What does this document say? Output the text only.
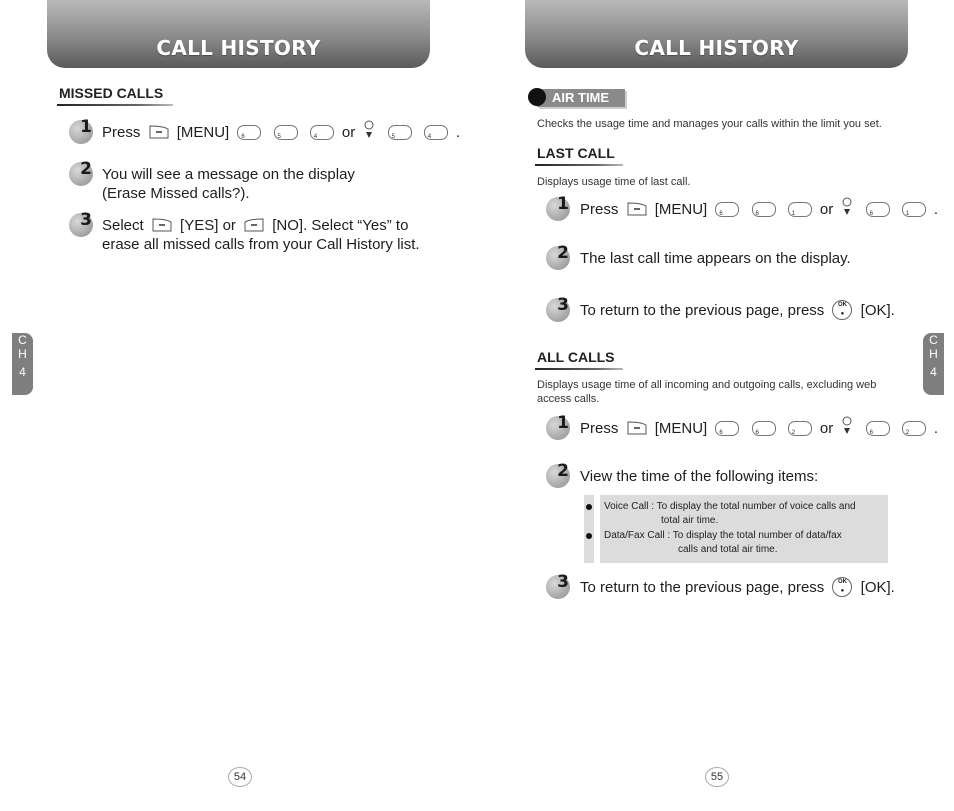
CALL HISTORY
MISSED CALLS
1 Press [MENU] 6
	5
	4 or	5
	4 .
2 You will see a message on the display
(Erase Missed calls?).
3 Select [YES] or [NO]. Select “Yes” to
erase all missed calls from your Call History list.
C
H
4
54
CALL HISTORY
AIR TIME
Checks the usage time and manages your calls within the limit you set.
LAST CALL
Displays usage time of last call.
1 Press [MENU] 6
	6
	1 or	6
	1 .
2 The last call time appears on the display.
3 To return to the previous page, press OK
● [OK].
ALL CALLS
Displays usage time of all incoming and outgoing calls, excluding web
access calls.
1 Press [MENU] 6
	6
	2 or	6
	2 .
2 View the time of the following items:
Voice Call : To display the total number of voice calls and
total air time.
Data/Fax Call : To display the total number of data/fax
calls and total air time.
3 To return to the previous page, press OK
● [OK].
C
H
4
55
